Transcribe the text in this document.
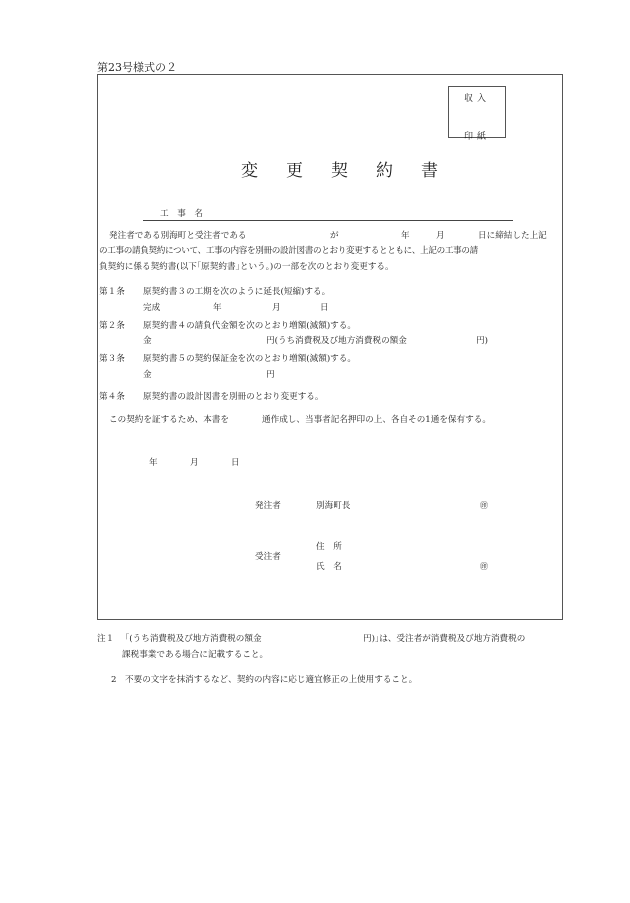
第23号様式の２
収入
印紙
変更契約書
工　事　名
発注者である別海町と受注者である	が	年	月	日に締結した上記
の工事の請負契約について、工事の内容を別冊の設計図書のとおり変更するとともに、上記の工事の請
負契約に係る契約書(以下｢原契約書｣という。)の一部を次のとおり変更する。
第１条 原契約書３の工期を次のように延長(短縮)する。
完成	年	月	日
第２条 原契約書４の請負代金額を次のとおり増額(減額)する。
金	円(うち消費税及び地方消費税の額金	円)
第３条 原契約書５の契約保証金を次のとおり増額(減額)する。
金	円
第４条 原契約書の設計図書を別冊のとおり変更する。
この契約を証するため、本書を	通作成し、当事者記名押印の上、各自その1通を保有する。
年	月	日
発注者	別海町長	㊞
住　所
受注者
氏　名	㊞
注１ ｢(うち消費税及び地方消費税の額金	円)｣は、受注者が消費税及び地方消費税の
課税事業である場合に記載すること。
2 不要の文字を抹消するなど、契約の内容に応じ適宜修正の上使用すること。
